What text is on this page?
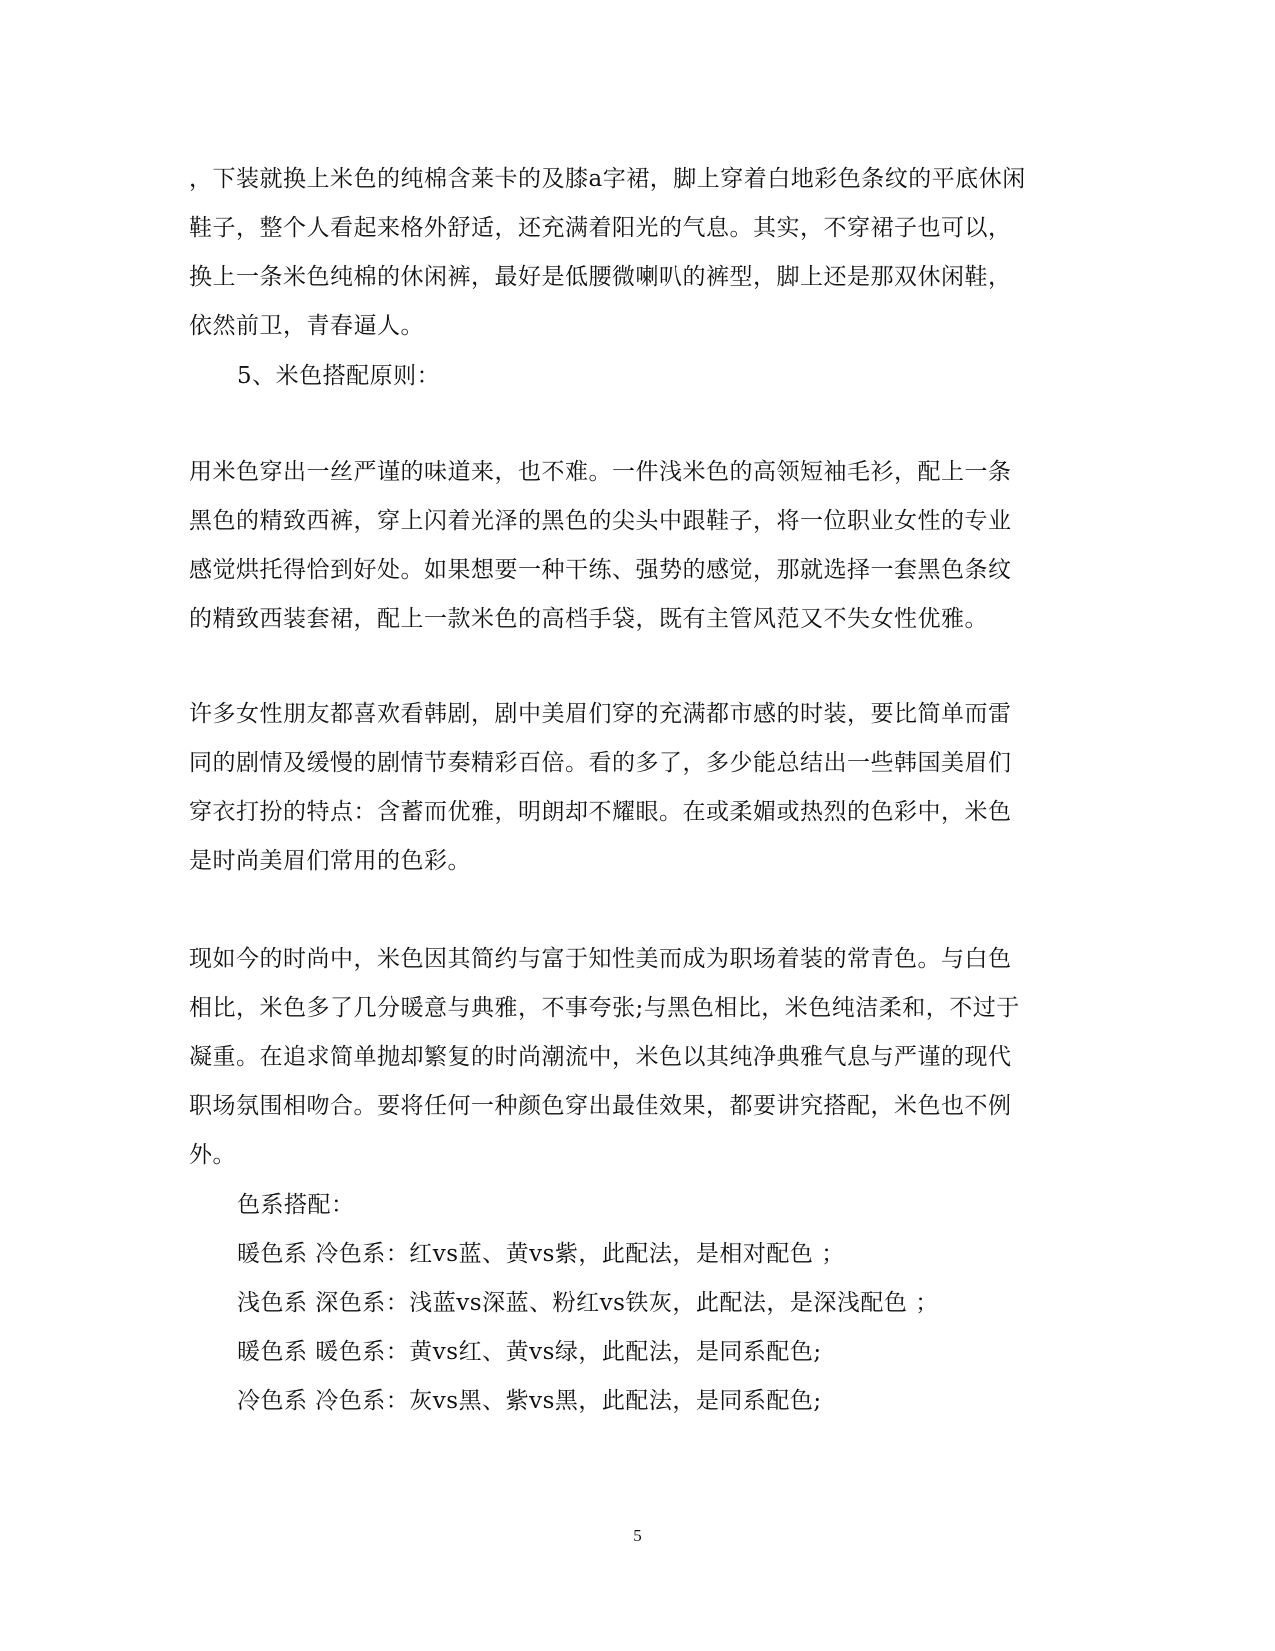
，下装就换上米色的纯棉含莱卡的及膝a字裙，脚上穿着白地彩色条纹的平底休闲
鞋子，整个人看起来格外舒适，还充满着阳光的气息。其实，不穿裙子也可以，
换上一条米色纯棉的休闲裤，最好是低腰微喇叭的裤型，脚上还是那双休闲鞋，
依然前卫，青春逼人。
5、米色搭配原则：
用米色穿出一丝严谨的味道来，也不难。一件浅米色的高领短袖毛衫，配上一条
黑色的精致西裤，穿上闪着光泽的黑色的尖头中跟鞋子，将一位职业女性的专业
感觉烘托得恰到好处。如果想要一种干练、强势的感觉，那就选择一套黑色条纹
的精致西装套裙，配上一款米色的高档手袋，既有主管风范又不失女性优雅。
许多女性朋友都喜欢看韩剧，剧中美眉们穿的充满都市感的时装，要比简单而雷
同的剧情及缓慢的剧情节奏精彩百倍。看的多了，多少能总结出一些韩国美眉们
穿衣打扮的特点：含蓄而优雅，明朗却不耀眼。在或柔媚或热烈的色彩中，米色
是时尚美眉们常用的色彩。
现如今的时尚中，米色因其简约与富于知性美而成为职场着装的常青色。与白色
相比，米色多了几分暖意与典雅，不事夸张;与黑色相比，米色纯洁柔和，不过于
凝重。在追求简单抛却繁复的时尚潮流中，米色以其纯净典雅气息与严谨的现代
职场氛围相吻合。要将任何一种颜色穿出最佳效果，都要讲究搭配，米色也不例
外。
色系搭配：
暖色系 冷色系：红vs蓝、黄vs紫，此配法，是相对配色 ；
浅色系 深色系：浅蓝vs深蓝、粉红vs铁灰，此配法，是深浅配色 ；
暖色系 暖色系：黄vs红、黄vs绿，此配法，是同系配色;
冷色系 冷色系：灰vs黑、紫vs黑，此配法，是同系配色;
5
